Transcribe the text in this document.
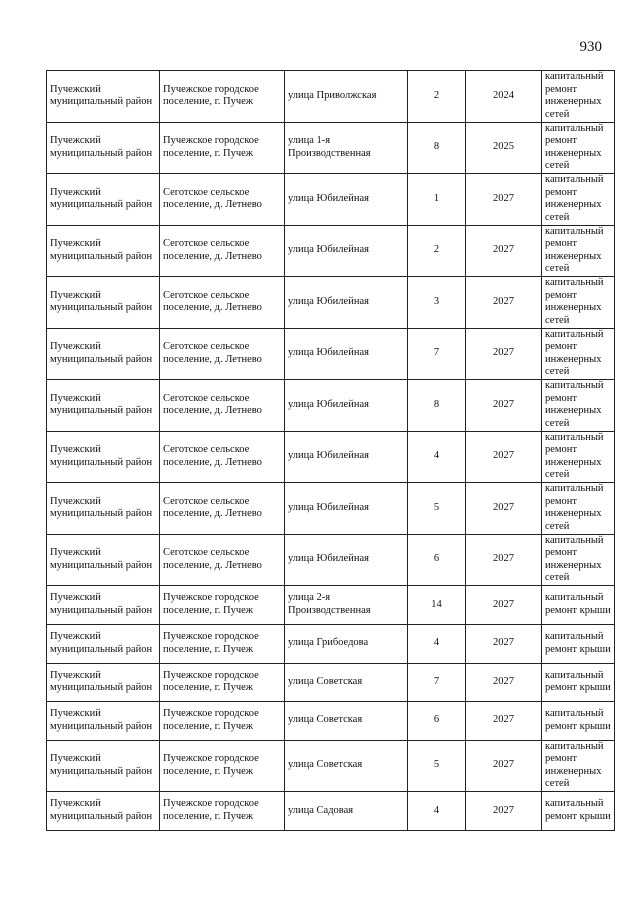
930
Пучежский муниципальный район	Пучежское городское поселение, г. Пучеж	улица Приволжская	2	2024	капитальный ремонт инженерных сетей
Пучежский муниципальный район	Пучежское городское поселение, г. Пучеж	улица 1-я Производственная	8	2025	капитальный ремонт инженерных сетей
Пучежский муниципальный район	Сеготское сельское поселение, д. Летнево	улица Юбилейная	1	2027	капитальный ремонт инженерных сетей
Пучежский муниципальный район	Сеготское сельское поселение, д. Летнево	улица Юбилейная	2	2027	капитальный ремонт инженерных сетей
Пучежский муниципальный район	Сеготское сельское поселение, д. Летнево	улица Юбилейная	3	2027	капитальный ремонт инженерных сетей
Пучежский муниципальный район	Сеготское сельское поселение, д. Летнево	улица Юбилейная	7	2027	капитальный ремонт инженерных сетей
Пучежский муниципальный район	Сеготское сельское поселение, д. Летнево	улица Юбилейная	8	2027	капитальный ремонт инженерных сетей
Пучежский муниципальный район	Сеготское сельское поселение, д. Летнево	улица Юбилейная	4	2027	капитальный ремонт инженерных сетей
Пучежский муниципальный район	Сеготское сельское поселение, д. Летнево	улица Юбилейная	5	2027	капитальный ремонт инженерных сетей
Пучежский муниципальный район	Сеготское сельское поселение, д. Летнево	улица Юбилейная	6	2027	капитальный ремонт инженерных сетей
Пучежский муниципальный район	Пучежское городское поселение, г. Пучеж	улица 2-я Производственная	14	2027	капитальный ремонт крыши
Пучежский муниципальный район	Пучежское городское поселение, г. Пучеж	улица Грибоедова	4	2027	капитальный ремонт крыши
Пучежский муниципальный район	Пучежское городское поселение, г. Пучеж	улица Советская	7	2027	капитальный ремонт крыши
Пучежский муниципальный район	Пучежское городское поселение, г. Пучеж	улица Советская	6	2027	капитальный ремонт крыши
Пучежский муниципальный район	Пучежское городское поселение, г. Пучеж	улица Советская	5	2027	капитальный ремонт инженерных сетей
Пучежский муниципальный район	Пучежское городское поселение, г. Пучеж	улица Садовая	4	2027	капитальный ремонт крыши
